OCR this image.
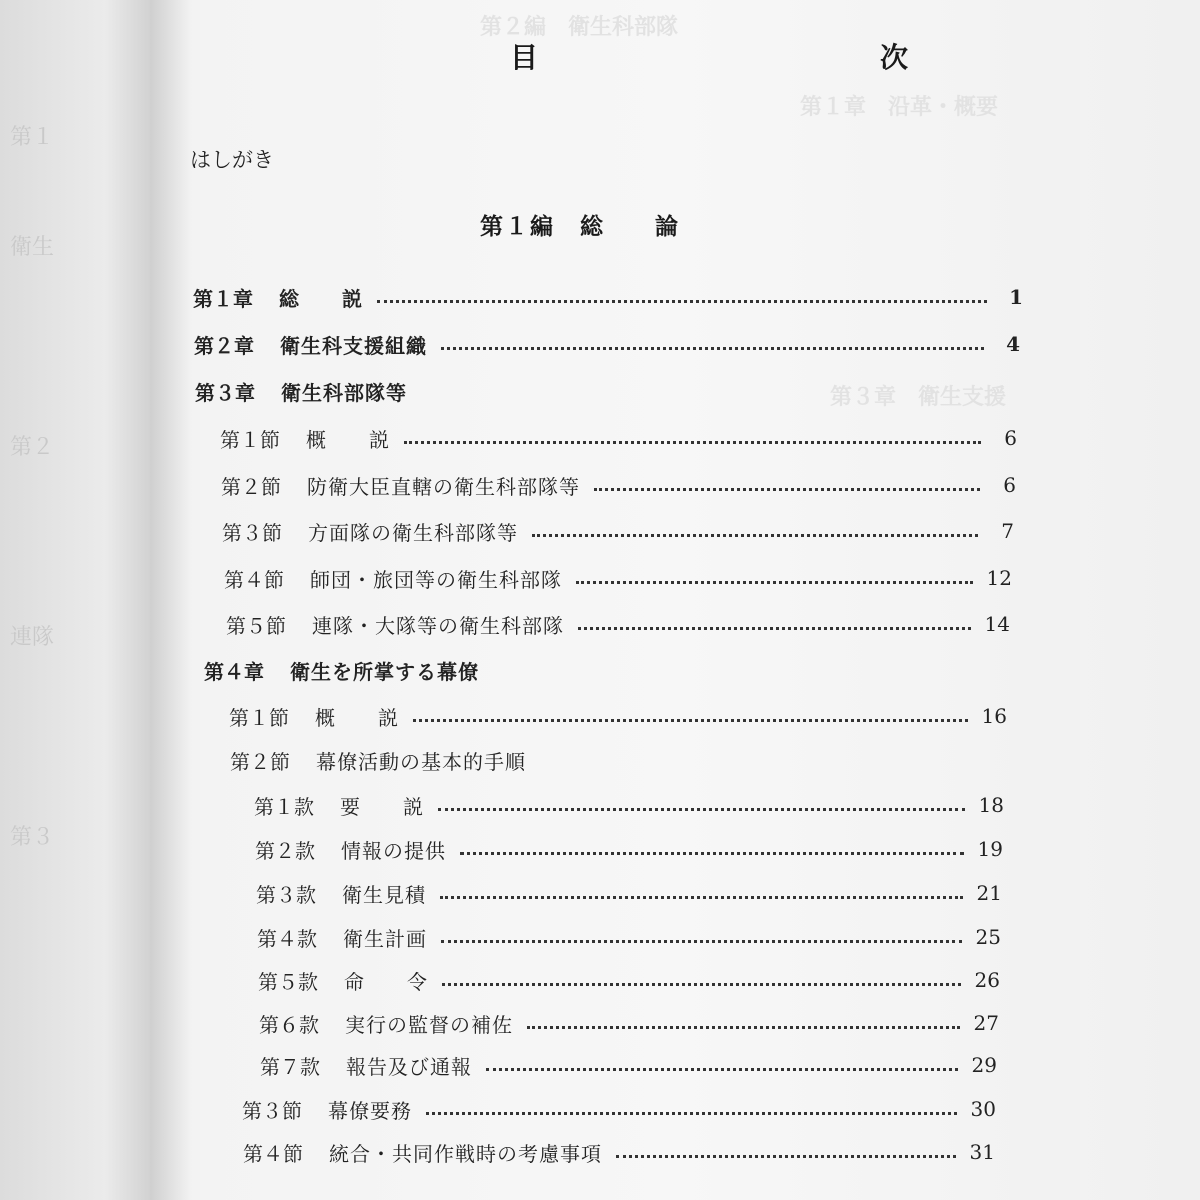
第１
衛生
第２
連隊
第３
第２編　衛生科部隊
第１章　沿革・概要
第３章　衛生支援
目	次
はしがき
第１編　総　　論
第１章 総　　説	1
第２章 衛生科支援組織	4
第３章 衛生科部隊等
第１節 概　　説	6
第２節 防衛大臣直轄の衛生科部隊等	6
第３節 方面隊の衛生科部隊等	7
第４節 師団・旅団等の衛生科部隊	12
第５節 連隊・大隊等の衛生科部隊	14
第４章 衛生を所掌する幕僚
第１節 概　　説	16
第２節 幕僚活動の基本的手順
第１款 要　　説	18
第２款 情報の提供	19
第３款 衛生見積	21
第４款 衛生計画	25
第５款 命　　令	26
第６款 実行の監督の補佐	27
第７款 報告及び通報	29
第３節 幕僚要務	30
第４節 統合・共同作戦時の考慮事項	31
